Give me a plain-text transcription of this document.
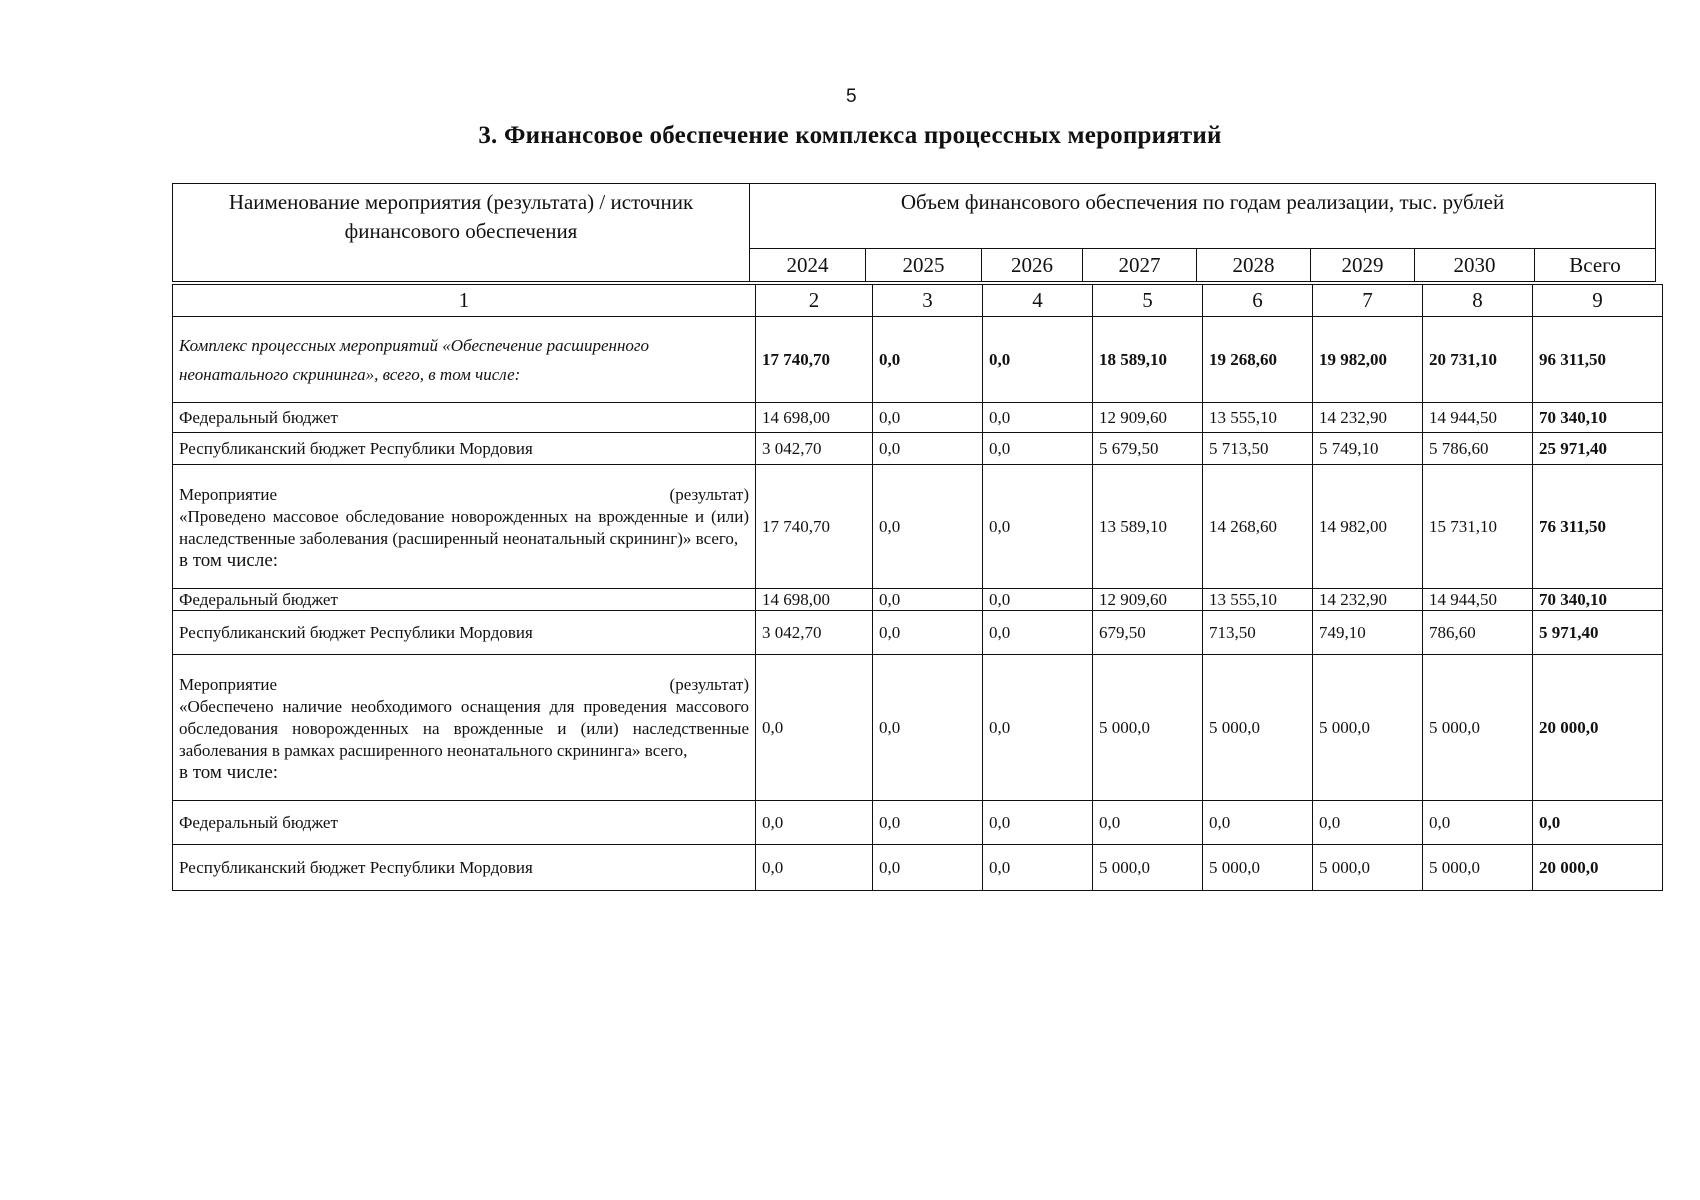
5
3. Финансовое обеспечение комплекса процессных мероприятий
Наименование мероприятия (результата) / источник финансового обеспечения	Объем финансового обеспечения по годам реализации, тыс. рублей							
	2024	2025	2026	2027	2028	2029	2030	Всего
1	2	3	4	5	6	7	8	9
Комплекс процессных мероприятий «Обеспечение расширенного неонатального скрининга», всего, в том числе:	17 740,70	0,0	0,0	18 589,10	19 268,60	19 982,00	20 731,10	96 311,50
Федеральный бюджет	14 698,00	0,0	0,0	12 909,60	13 555,10	14 232,90	14 944,50	70 340,10
Республиканский бюджет Республики Мордовия	3 042,70	0,0	0,0	5 679,50	5 713,50	5 749,10	5 786,60	25 971,40

Мероприятие (результат)
«Проведено массовое обследование новорожденных на врожденные и (или) наследственные заболевания (расширенный неонатальный скрининг)» всего,
в том числе:	17 740,70	0,0	0,0	13 589,10	14 268,60	14 982,00	15 731,10	76 311,50
Федеральный бюджет	14 698,00	0,0	0,0	12 909,60	13 555,10	14 232,90	14 944,50	70 340,10
Республиканский бюджет Республики Мордовия	3 042,70	0,0	0,0	679,50	713,50	749,10	786,60	5 971,40

Мероприятие (результат)
«Обеспечено наличие необходимого оснащения для проведения массового обследования новорожденных на врожденные и (или) наследственные заболевания в рамках расширенного неонатального скрининга» всего,
в том числе:	0,0	0,0	0,0	5 000,0	5 000,0	5 000,0	5 000,0	20 000,0
Федеральный бюджет	0,0	0,0	0,0	0,0	0,0	0,0	0,0	0,0
Республиканский бюджет Республики Мордовия	0,0	0,0	0,0	5 000,0	5 000,0	5 000,0	5 000,0	20 000,0
